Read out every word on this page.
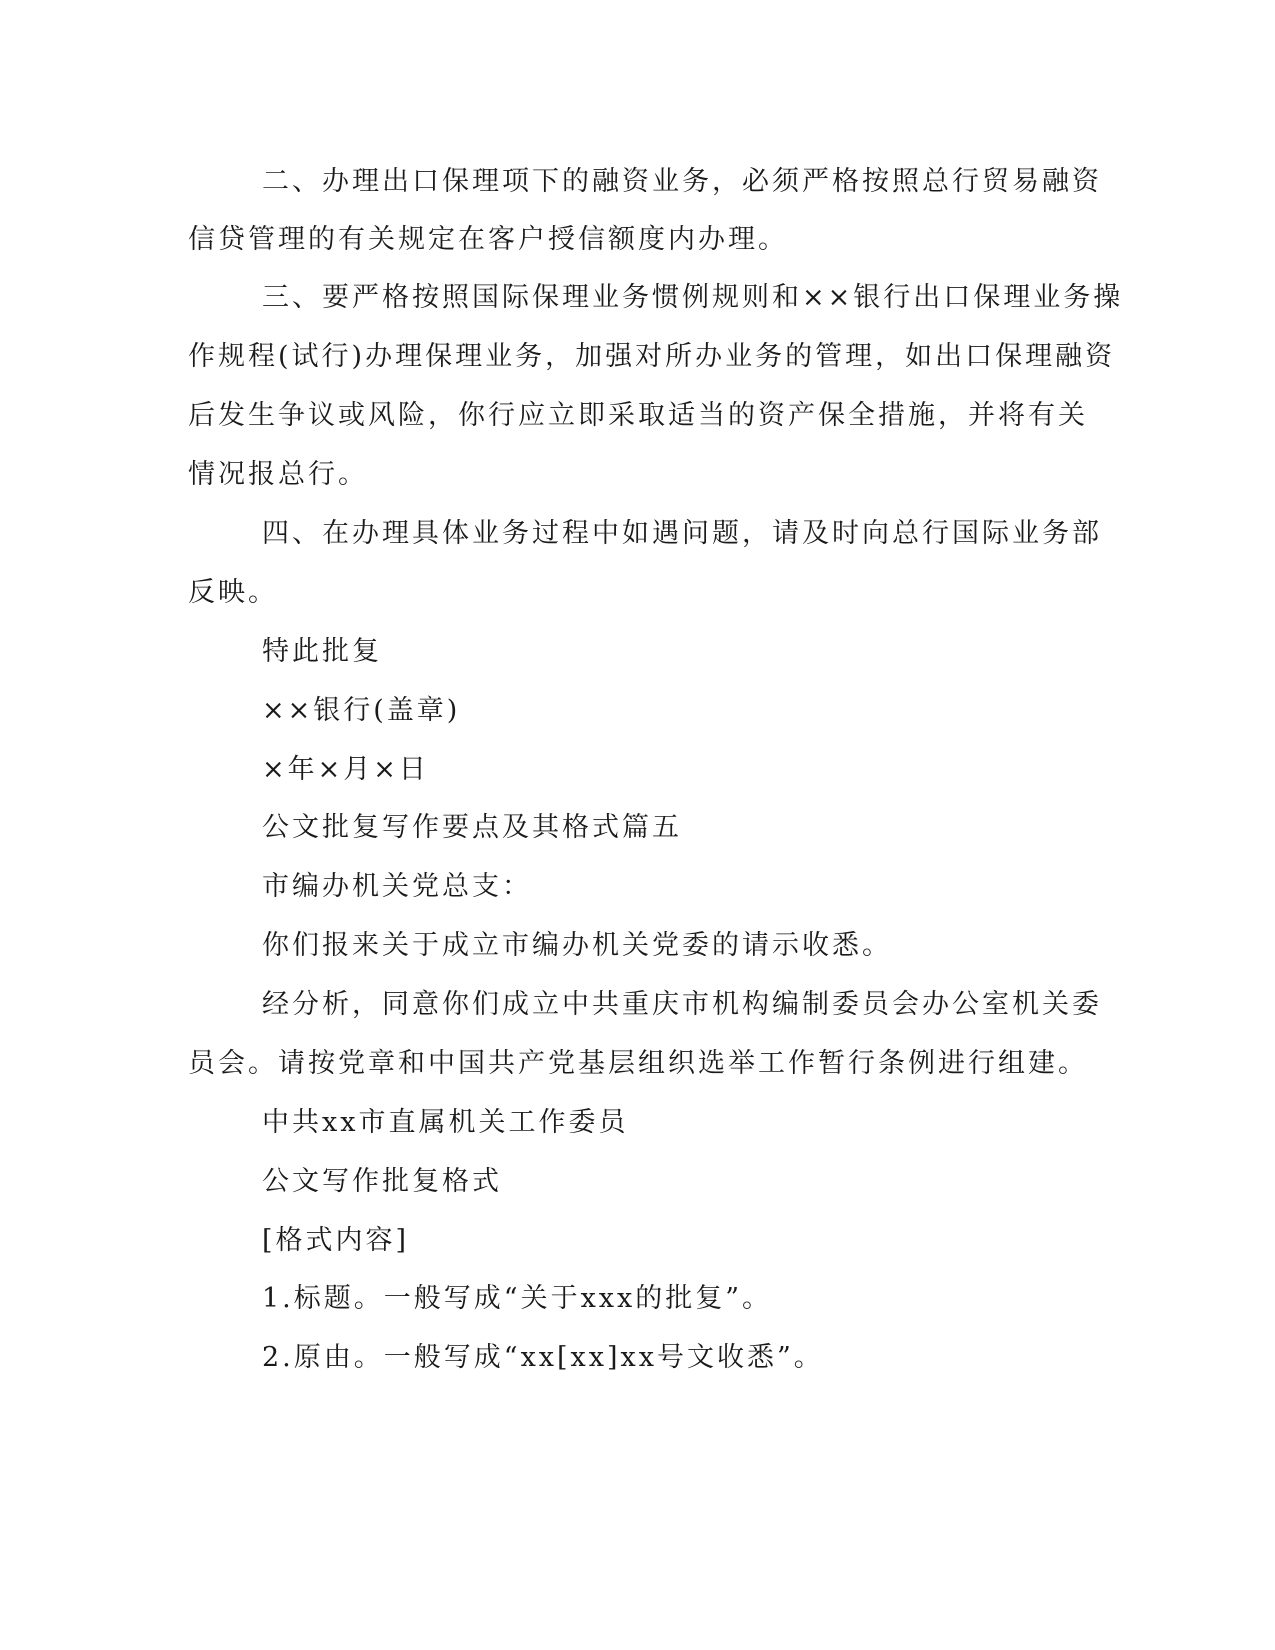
二、办理出口保理项下的融资业务，必须严格按照总行贸易融资
信贷管理的有关规定在客户授信额度内办理。
三、要严格按照国际保理业务惯例规则和××银行出口保理业务操
作规程(试行)办理保理业务，加强对所办业务的管理，如出口保理融资
后发生争议或风险，你行应立即采取适当的资产保全措施，并将有关
情况报总行。
四、在办理具体业务过程中如遇问题，请及时向总行国际业务部
反映。
特此批复
××银行(盖章)
×年×月×日
公文批复写作要点及其格式篇五
市编办机关党总支：
你们报来关于成立市编办机关党委的请示收悉。
经分析，同意你们成立中共重庆市机构编制委员会办公室机关委
员会。请按党章和中国共产党基层组织选举工作暂行条例进行组建。
中共xx市直属机关工作委员
公文写作批复格式
[格式内容]
1.标题。一般写成“关于xxx的批复”。
2.原由。一般写成“xx[xx]xx号文收悉”。
